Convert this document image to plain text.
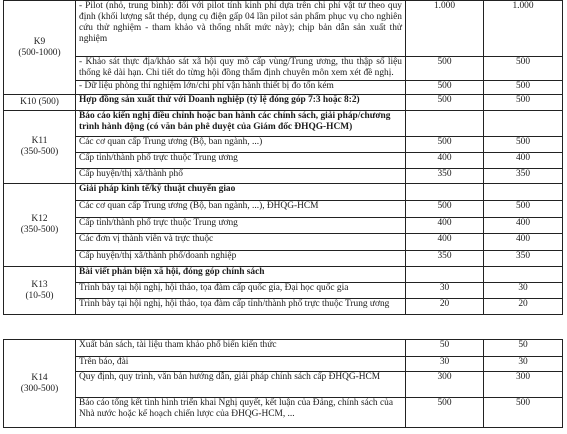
K9
(500-1000)	- Pilot (nhỏ, trung bình): đối với pilot tính kinh phí dựa trên chi phí vật tư theo quy định (khối lượng sắt thép, dụng cụ điện gấp 04 lần pilot sản phẩm phục vụ cho nghiên cứu thử nghiệm - tham khảo và thống nhất mức này); chịp bản dẫn sản xuất thử nghiệm	1.000	1.000
	- Khảo sát thực địa/khảo sát xã hội quy mô cấp vùng/Trung ương, thu thập số liệu thống kê dài hạn. Chi tiết do từng hội đồng thẩm định chuyên môn xem xét đề nghị.	500	500
	- Dữ liệu phòng thí nghiệm lớn/chi phí vận hành thiết bị đo tốn kém	500	500

K10 (500)	Hợp đồng sản xuất thử với Doanh nghiệp (tỷ lệ đóng góp 7:3 hoặc 8:2)	500	500

K11
(350-500)	Báo cáo kiến nghị điều chỉnh hoặc ban hành các chính sách, giải pháp/chương trình hành động (có văn bản phê duyệt của Giám đốc ĐHQG-HCM)		
	Các cơ quan cấp Trung ương (Bộ, ban ngành, ...)	500	500
	Cấp tỉnh/thành phố trực thuộc Trung ương	400	400
	Cấp huyện/thị xã/thành phố	350	350

K12
(350-500)	Giải pháp kinh tế/kỹ thuật chuyển giao		
	Các cơ quan cấp Trung ương (Bộ, ban ngành, ...), ĐHQG-HCM	500	500
	Cấp tỉnh/thành phố trực thuộc Trung ương	400	400
	Các đơn vị thành viên và trực thuộc	400	400
	Cấp huyện/thị xã/thành phố/doanh nghiệp	350	350

K13
(10-50)	Bài viết phản biện xã hội, đóng góp chính sách		
	Trình bày tại hội nghị, hội thảo, tọa đàm cấp quốc gia, Đại học quốc gia	30	30
	Trình bày tại hội nghị, hội thảo, tọa đàm cấp tỉnh/thành phố trực thuộc Trung ương	20	20
K14
(300-500)	Xuất bản sách, tài liệu tham khảo phổ biến kiến thức	50	50
	Trên báo, đài	30	30
	Quy định, quy trình, văn bản hướng dẫn, giải pháp chính sách cấp ĐHQG-HCM	300	300
	Báo cáo tổng kết tình hình triển khai Nghị quyết, kết luận của Đảng, chính sách của Nhà nước hoặc kế hoạch chiến lược của ĐHQG-HCM, ...	500	500
